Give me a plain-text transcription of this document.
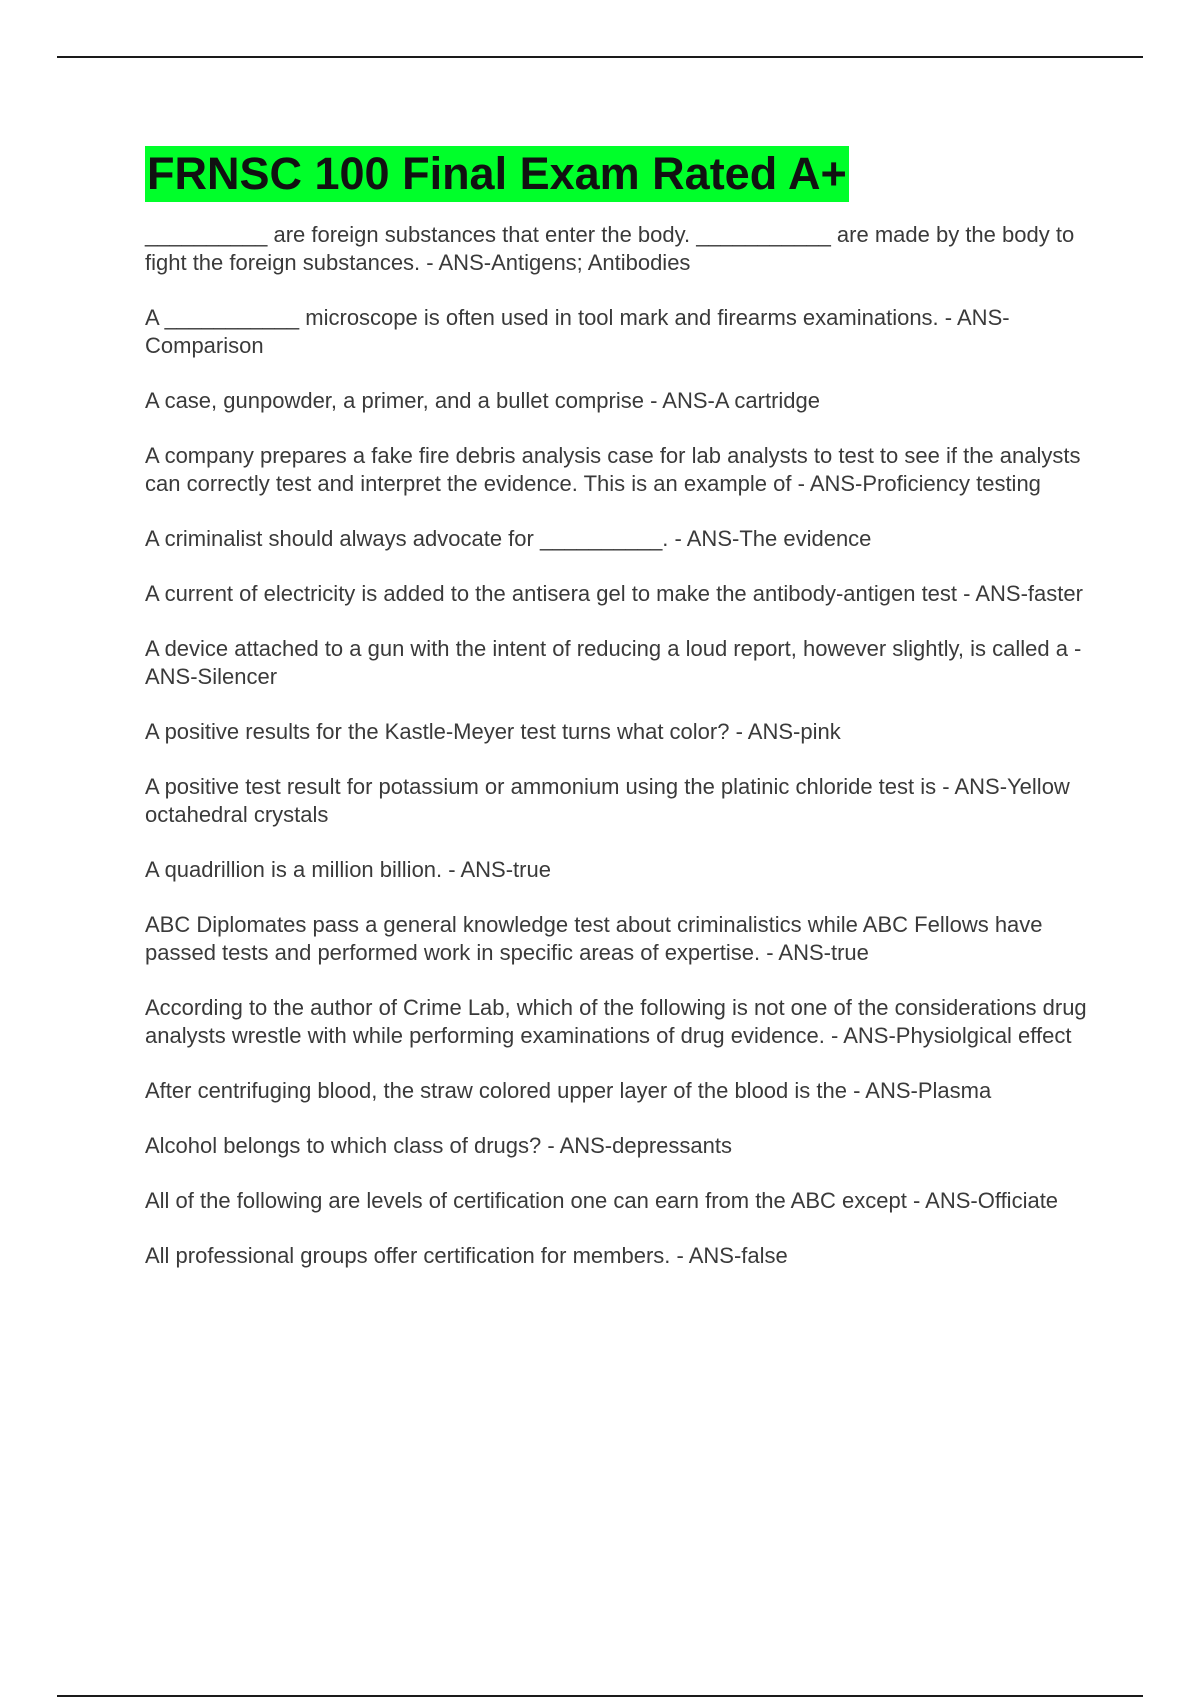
FRNSC 100 Final Exam Rated A+
__________ are foreign substances that enter the body. ___________ are made by the body to fight the foreign substances. - ANS-Antigens; Antibodies
A ___________ microscope is often used in tool mark and firearms examinations. - ANS-Comparison
A case, gunpowder, a primer, and a bullet comprise - ANS-A cartridge
A company prepares a fake fire debris analysis case for lab analysts to test to see if the analysts can correctly test and interpret the evidence. This is an example of - ANS-Proficiency testing
A criminalist should always advocate for __________. - ANS-The evidence
A current of electricity is added to the antisera gel to make the antibody-antigen test - ANS-faster
A device attached to a gun with the intent of reducing a loud report, however slightly, is called a - ANS-Silencer
A positive results for the Kastle-Meyer test turns what color? - ANS-pink
A positive test result for potassium or ammonium using the platinic chloride test is - ANS-Yellow octahedral crystals
A quadrillion is a million billion. - ANS-true
ABC Diplomates pass a general knowledge test about criminalistics while ABC Fellows have passed tests and performed work in specific areas of expertise. - ANS-true
According to the author of Crime Lab, which of the following is not one of the considerations drug analysts wrestle with while performing examinations of drug evidence. - ANS-Physiolgical effect
After centrifuging blood, the straw colored upper layer of the blood is the - ANS-Plasma
Alcohol belongs to which class of drugs? - ANS-depressants
All of the following are levels of certification one can earn from the ABC except - ANS-Officiate
All professional groups offer certification for members. - ANS-false
